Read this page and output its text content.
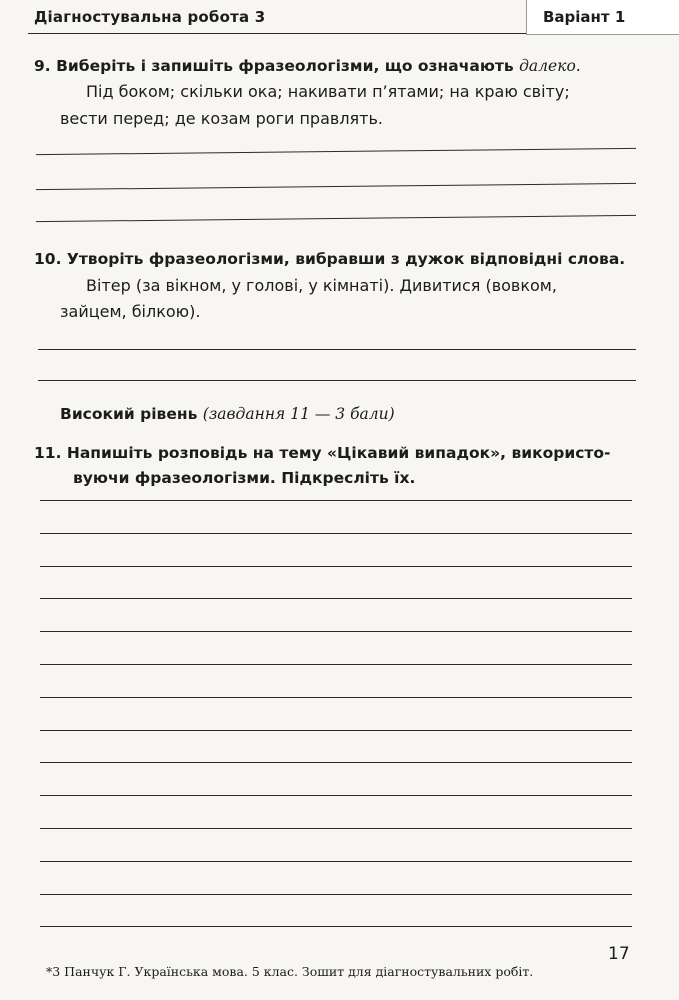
Діагностувальна робота 3	Варіант 1
9. Виберіть і запишіть фразеологізми, що означають далеко.
Під боком; скільки ока; накивати п’ятами; на краю світу;
вести перед; де козам роги правлять.
10. Утворіть фразеологізми, вибравши з дужок відповідні слова.
Вітер (за вікном, у голові, у кімнаті). Дивитися (вовком,
зайцем, білкою).
Високий рівень (завдання 11 — 3 бали)
11. Напишіть розповідь на тему «Цікавий випадок», використо-
вуючи фразеологізми. Підкресліть їх.
17
*3 Панчук Г. Українська мова. 5 клас. Зошит для діагностувальних робіт.
